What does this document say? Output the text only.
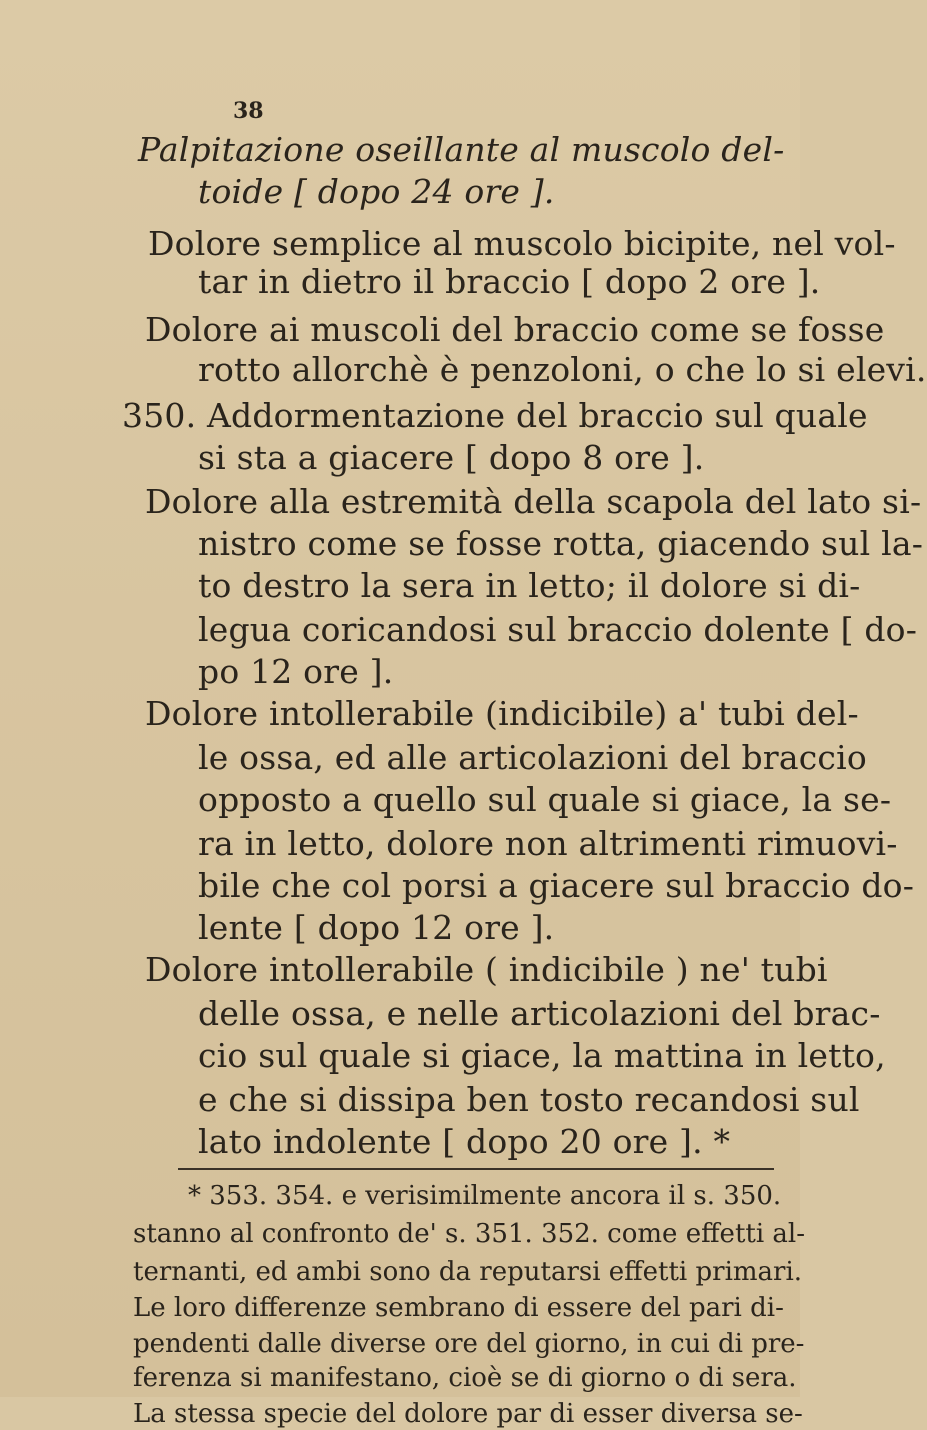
38
Palpitazione oseillante al muscolo del-
toide [ dopo 24 ore ].
Dolore semplice al muscolo bicipite, nel vol-
tar in dietro il braccio [ dopo 2 ore ].
Dolore ai muscoli del braccio come se fosse
rotto allorchè è penzoloni, o che lo si elevi.
350. Addormentazione del braccio sul quale
si sta a giacere [ dopo 8 ore ].
Dolore alla estremità della scapola del lato si-
nistro come se fosse rotta, giacendo sul la-
to destro la sera in letto; il dolore si di-
legua coricandosi sul braccio dolente [ do-
po 12 ore ].
Dolore intollerabile (indicibile) a' tubi del-
le ossa, ed alle articolazioni del braccio
opposto a quello sul quale si giace, la se-
ra in letto, dolore non altrimenti rimuovi-
bile che col porsi a giacere sul braccio do-
lente [ dopo 12 ore ].
Dolore intollerabile ( indicibile ) ne' tubi
delle ossa, e nelle articolazioni del brac-
cio sul quale si giace, la mattina in letto,
e che si dissipa ben tosto recandosi sul
lato indolente [ dopo 20 ore ]. *
* 353. 354. e verisimilmente ancora il s. 350.
stanno al confronto de' s. 351. 352. come effetti al-
ternanti, ed ambi sono da reputarsi effetti primari.
Le loro differenze sembrano di essere del pari di-
pendenti dalle diverse ore del giorno, in cui di pre-
ferenza si manifestano, cioè se di giorno o di sera.
La stessa specie del dolore par di esser diversa se-
